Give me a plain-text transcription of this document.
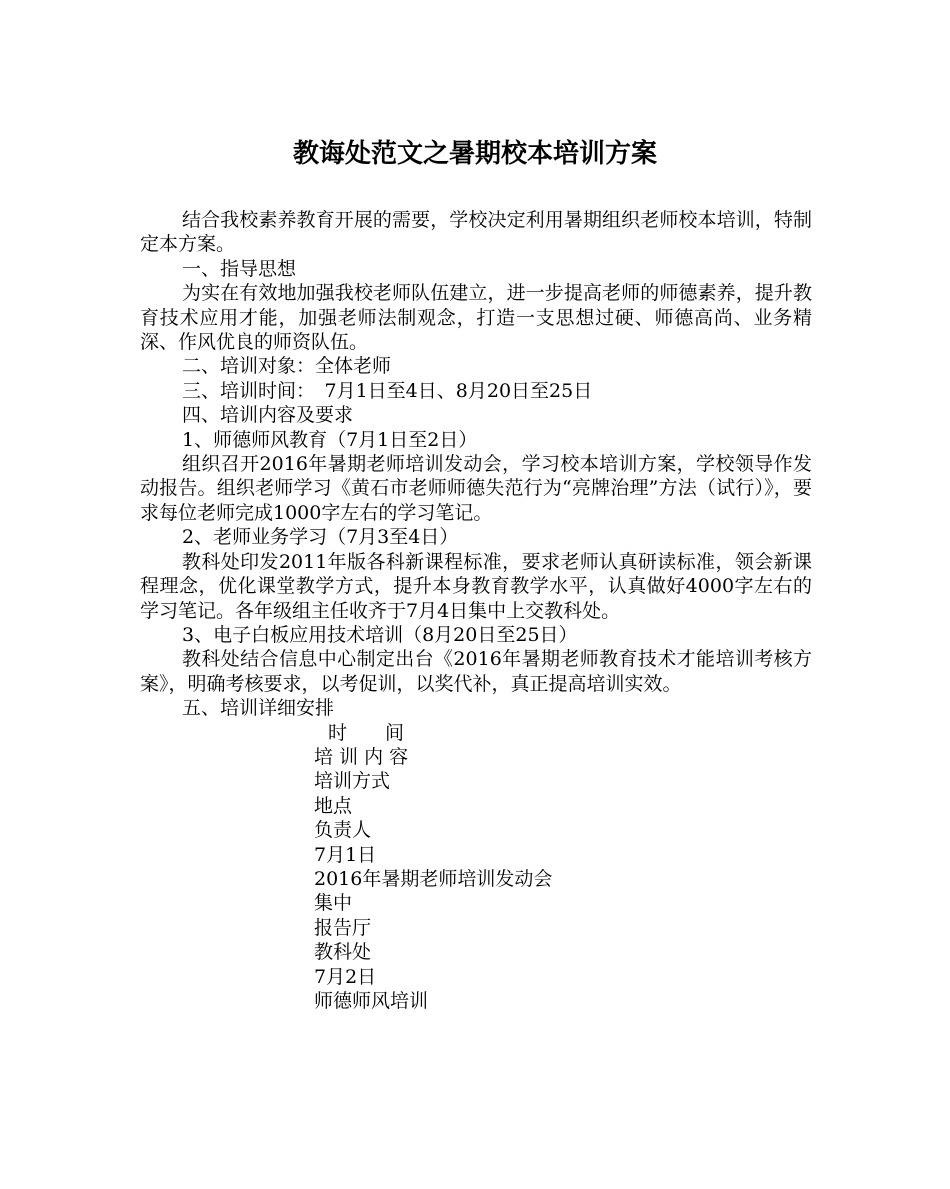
教诲处范文之暑期校本培训方案

结合我校素养教育开展的需要，学校决定利用暑期组织老师校本培训，特制定本方案。

一、指导思想

为实在有效地加强我校老师队伍建立，进一步提高老师的师德素养，提升教育技术应用才能，加强老师法制观念，打造一支思想过硬、师德高尚、业务精深、作风优良的师资队伍。

二、培训对象：全体老师

三、培训时间：　7月1日至4日、8月20日至25日

四、培训内容及要求

1、师德师风教育（7月1日至2日）

组织召开2016年暑期老师培训发动会，学习校本培训方案，学校领导作发动报告。组织老师学习《黄石市老师师德失范行为“亮牌治理”方法（试行）》，要求每位老师完成1000字左右的学习笔记。

2、老师业务学习（7月3至4日）

教科处印发2011年版各科新课程标准，要求老师认真研读标准，领会新课程理念，优化课堂教学方式，提升本身教育教学水平，认真做好4000字左右的学习笔记。各年级组主任收齐于7月4日集中上交教科处。

3、电子白板应用技术培训（8月20日至25日）

教科处结合信息中心制定出台《2016年暑期老师教育技术才能培训考核方案》，明确考核要求，以考促训，以奖代补，真正提高培训实效。

五、培训详细安排

时　　间
培 训 内 容
培训方式
地点
负责人
7月1日
2016年暑期老师培训发动会
集中
报告厅
教科处
7月2日
师德师风培训
